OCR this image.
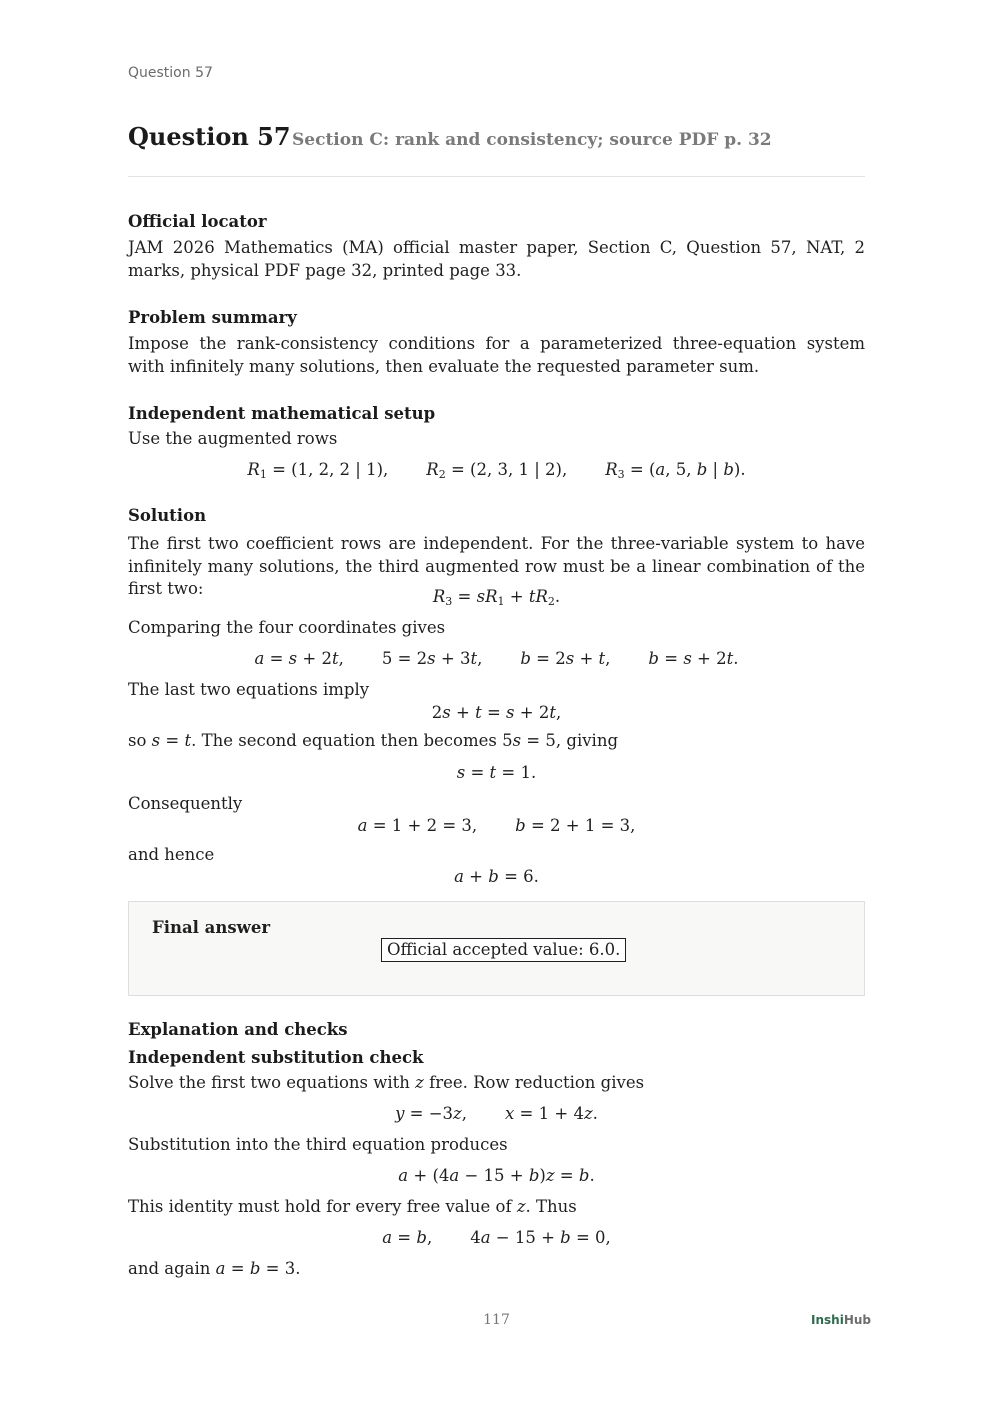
Question 57
Question 57 Section C: rank and consistency; source PDF p. 32
Official locator
JAM 2026 Mathematics (MA) official master paper, Section C, Question 57, NAT, 2 marks, physical PDF page 32, printed page 33.
Problem summary
Impose the rank-consistency conditions for a parameterized three-equation system with infinitely many solutions, then evaluate the requested parameter sum.
Independent mathematical setup
Use the augmented rows
$R_1 = (1$, 2, 2 | 1), $R_2 = (2$, 3, 1 | 2), $R_3 = (a$, 5, b | b).
Solution
The first two coefficient rows are independent. For the three-variable system to have infinitely many solutions, the third augmented row must be a linear combination of the first two:	$R_3 = sR_1 + tR_2$.
Comparing the four coordinates gives
a = s + 2t, 5 = 2s + 3t, b = 2s + t, b = s + 2t.
The last two equations imply
2s + t = s + 2t,
so s = t. The second equation then becomes 5s = 5, giving
s = t = 1.
Consequently
a = 1 + 2 = 3, b = 2 + 1 = 3,
and hence
a + b = 6.
Final answer
Official accepted value: 6.0.
Explanation and checks
Independent substitution check
Solve the first two equations with z free. Row reduction gives
y = −3z, x = 1 + 4z.
Substitution into the third equation produces
a + (4a − 15 + b)z = b.
This identity must hold for every free value of z. Thus
a = b, 4a − 15 + b = 0,
and again a = b = 3.
117	InshiHub
